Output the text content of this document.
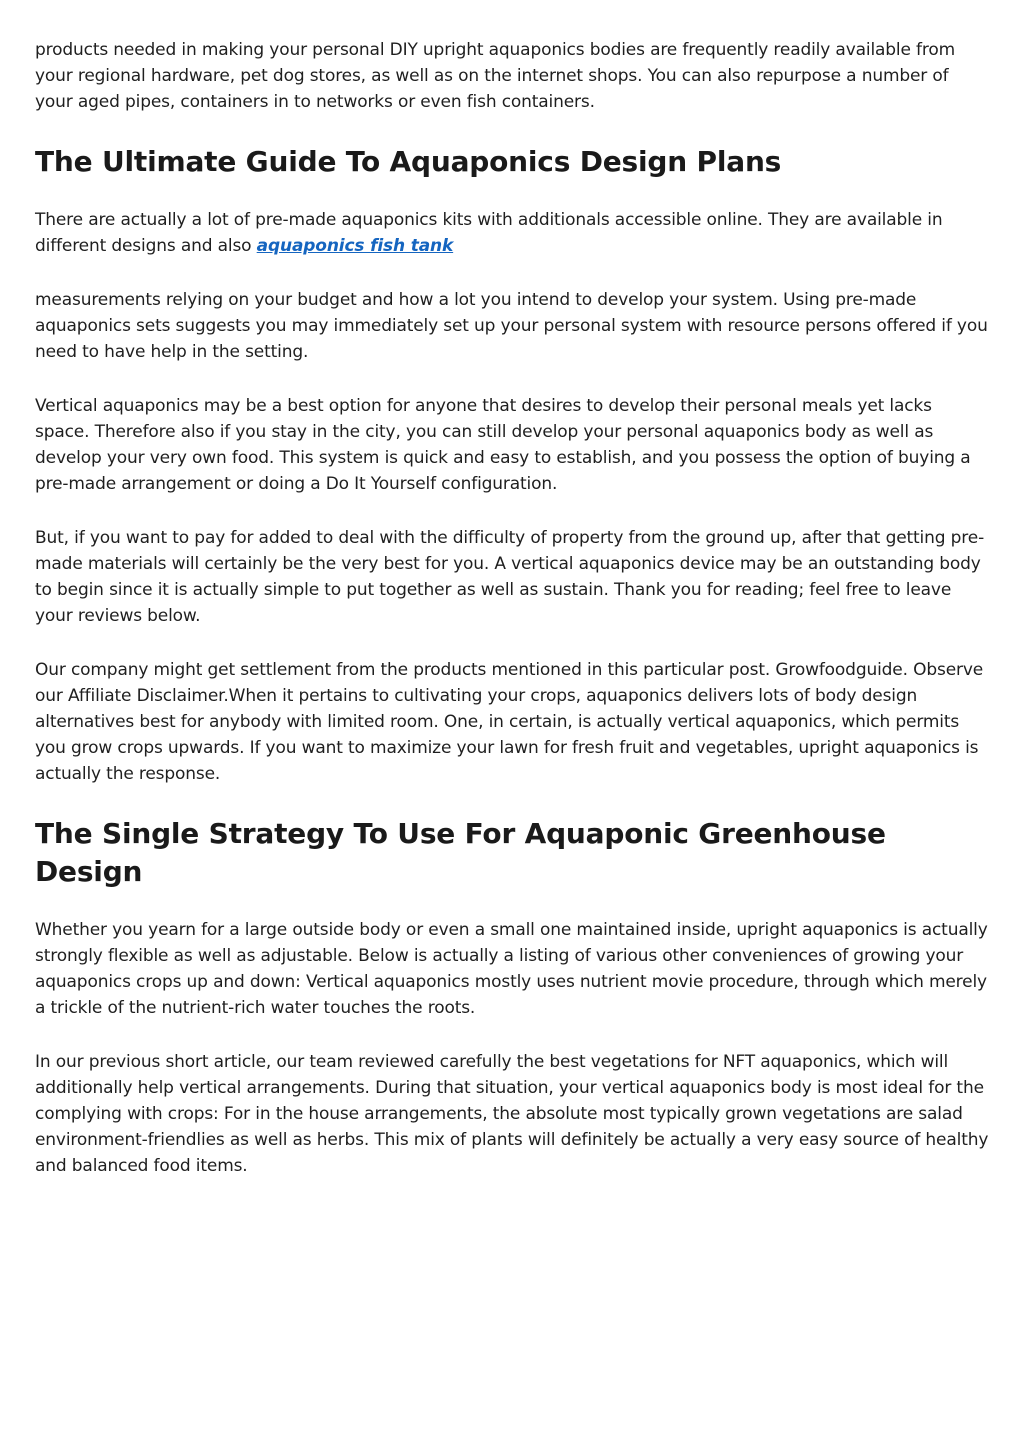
products needed in making your personal DIY upright aquaponics bodies are frequently readily available from your regional hardware, pet dog stores, as well as on the internet shops. You can also repurpose a number of your aged pipes, containers in to networks or even fish containers.

The Ultimate Guide To Aquaponics Design Plans

There are actually a lot of pre-made aquaponics kits with additionals accessible online. They are available in different designs and also aquaponics fish tank

measurements relying on your budget and how a lot you intend to develop your system. Using pre-made aquaponics sets suggests you may immediately set up your personal system with resource persons offered if you need to have help in the setting.

Vertical aquaponics may be a best option for anyone that desires to develop their personal meals yet lacks space. Therefore also if you stay in the city, you can still develop your personal aquaponics body as well as develop your very own food. This system is quick and easy to establish, and you possess the option of buying a pre-made arrangement or doing a Do It Yourself configuration.

But, if you want to pay for added to deal with the difficulty of property from the ground up, after that getting pre-made materials will certainly be the very best for you. A vertical aquaponics device may be an outstanding body to begin since it is actually simple to put together as well as sustain. Thank you for reading; feel free to leave your reviews below.

Our company might get settlement from the products mentioned in this particular post. Growfoodguide. Observe our Affiliate Disclaimer.When it pertains to cultivating your crops, aquaponics delivers lots of body design alternatives best for anybody with limited room. One, in certain, is actually vertical aquaponics, which permits you grow crops upwards. If you want to maximize your lawn for fresh fruit and vegetables, upright aquaponics is actually the response.

The Single Strategy To Use For Aquaponic Greenhouse Design

Whether you yearn for a large outside body or even a small one maintained inside, upright aquaponics is actually strongly flexible as well as adjustable. Below is actually a listing of various other conveniences of growing your aquaponics crops up and down: Vertical aquaponics mostly uses nutrient movie procedure, through which merely a trickle of the nutrient-rich water touches the roots.

In our previous short article, our team reviewed carefully the best vegetations for NFT aquaponics, which will additionally help vertical arrangements. During that situation, your vertical aquaponics body is most ideal for the complying with crops: For in the house arrangements, the absolute most typically grown vegetations are salad environment-friendlies as well as herbs. This mix of plants will definitely be actually a very easy source of healthy and balanced food items.
